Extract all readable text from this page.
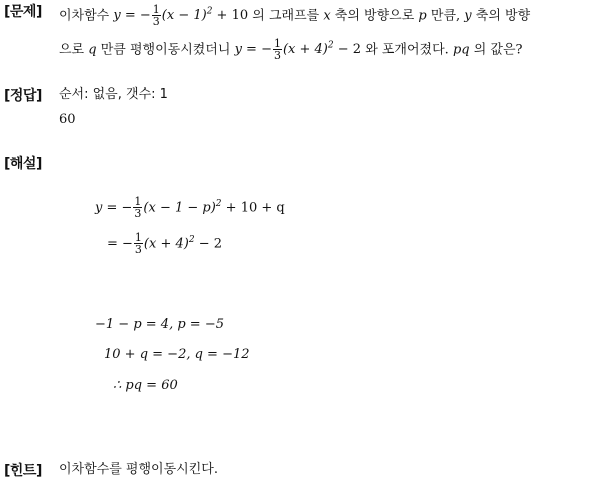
[문제]
[정답]
[해설]
[힌트]
이차함수 y = − $\frac{1}{3} (x - 1)^2 + 10$ 의 그래프를 x 축의 방향으로 p 만큼, y 축의 방향
으로 q 만큼 평행이동시켰더니 y = − $\frac{1}{3} (x + 4)^2 - 2$ 와 포개어졌다. pq 의 값은?
순서: 없음, 갯수: 1
60
y = − $\frac{1}{3} (x - 1 - p)^2 + 10 + q$
= − $\frac{1}{3} (x + 4)^2 - 2$
−1 − p = 4, p = −5
10 + q = −2, q = −12
∴ pq = 60
이차함수를 평행이동시킨다.
